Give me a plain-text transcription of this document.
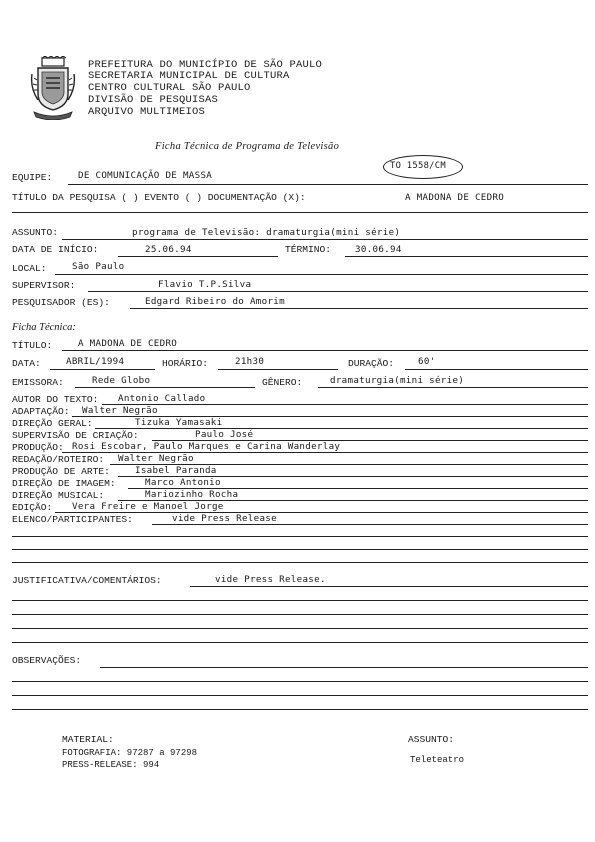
PREFEITURA DO MUNICÍPIO DE SÃO PAULO
SECRETARIA MUNICIPAL DE CULTURA
CENTRO CULTURAL SÃO PAULO
DIVISÃO DE PESQUISAS
ARQUIVO MULTIMEIOS
Ficha Técnica de Programa de Televisão
TO 1558/CM
EQUIPE:	DE COMUNICAÇÃO DE MASSA
TÍTULO DA PESQUISA ( ) EVENTO ( ) DOCUMENTAÇÃO (X):	A MADONA DE CEDRO
ASSUNTO:	programa de Televisão: dramaturgia(mini série)
DATA DE INÍCIO:	25.06.94	TÉRMINO:	30.06.94
LOCAL:	São Paulo
SUPERVISOR:	Flavio T.P.Silva
PESQUISADOR (ES):	Edgard Ribeiro do Amorim
Ficha Técnica:
TÍTULO:	A MADONA DE CEDRO
DATA:	ABRIL/1994	HORÁRIO:	21h30	DURAÇÃO:	60'
EMISSORA:	Rede Globo	GÊNERO:	dramaturgia(mini série)
AUTOR DO TEXTO: Antonio Callado
ADAPTAÇÃO: Walter Negrão
DIREÇÃO GERAL:	Tizuka Yamasaki
SUPERVISÃO DE CRIAÇÃO:	Paulo José
PRODUÇÃO: Rosi Escobar, Paulo Marques e Carina Wanderlay
REDAÇÃO/ROTEIRO: Walter Negrão
PRODUÇÃO DE ARTE:	Isabel Paranda
DIREÇÃO DE IMAGEM:	Marco Antonio
DIREÇÃO MUSICAL:	Mariozinho Rocha
EDIÇÃO: Vera Freire e Manoel Jorge
ELENCO/PARTICIPANTES:	vide Press Release
JUSTIFICATIVA/COMENTÁRIOS:	vide Press Release.
OBSERVAÇÕES:
MATERIAL:
FOTOGRAFIA: 97287 a 97298
PRESS-RELEASE: 994
ASSUNTO:
Teleteatro
